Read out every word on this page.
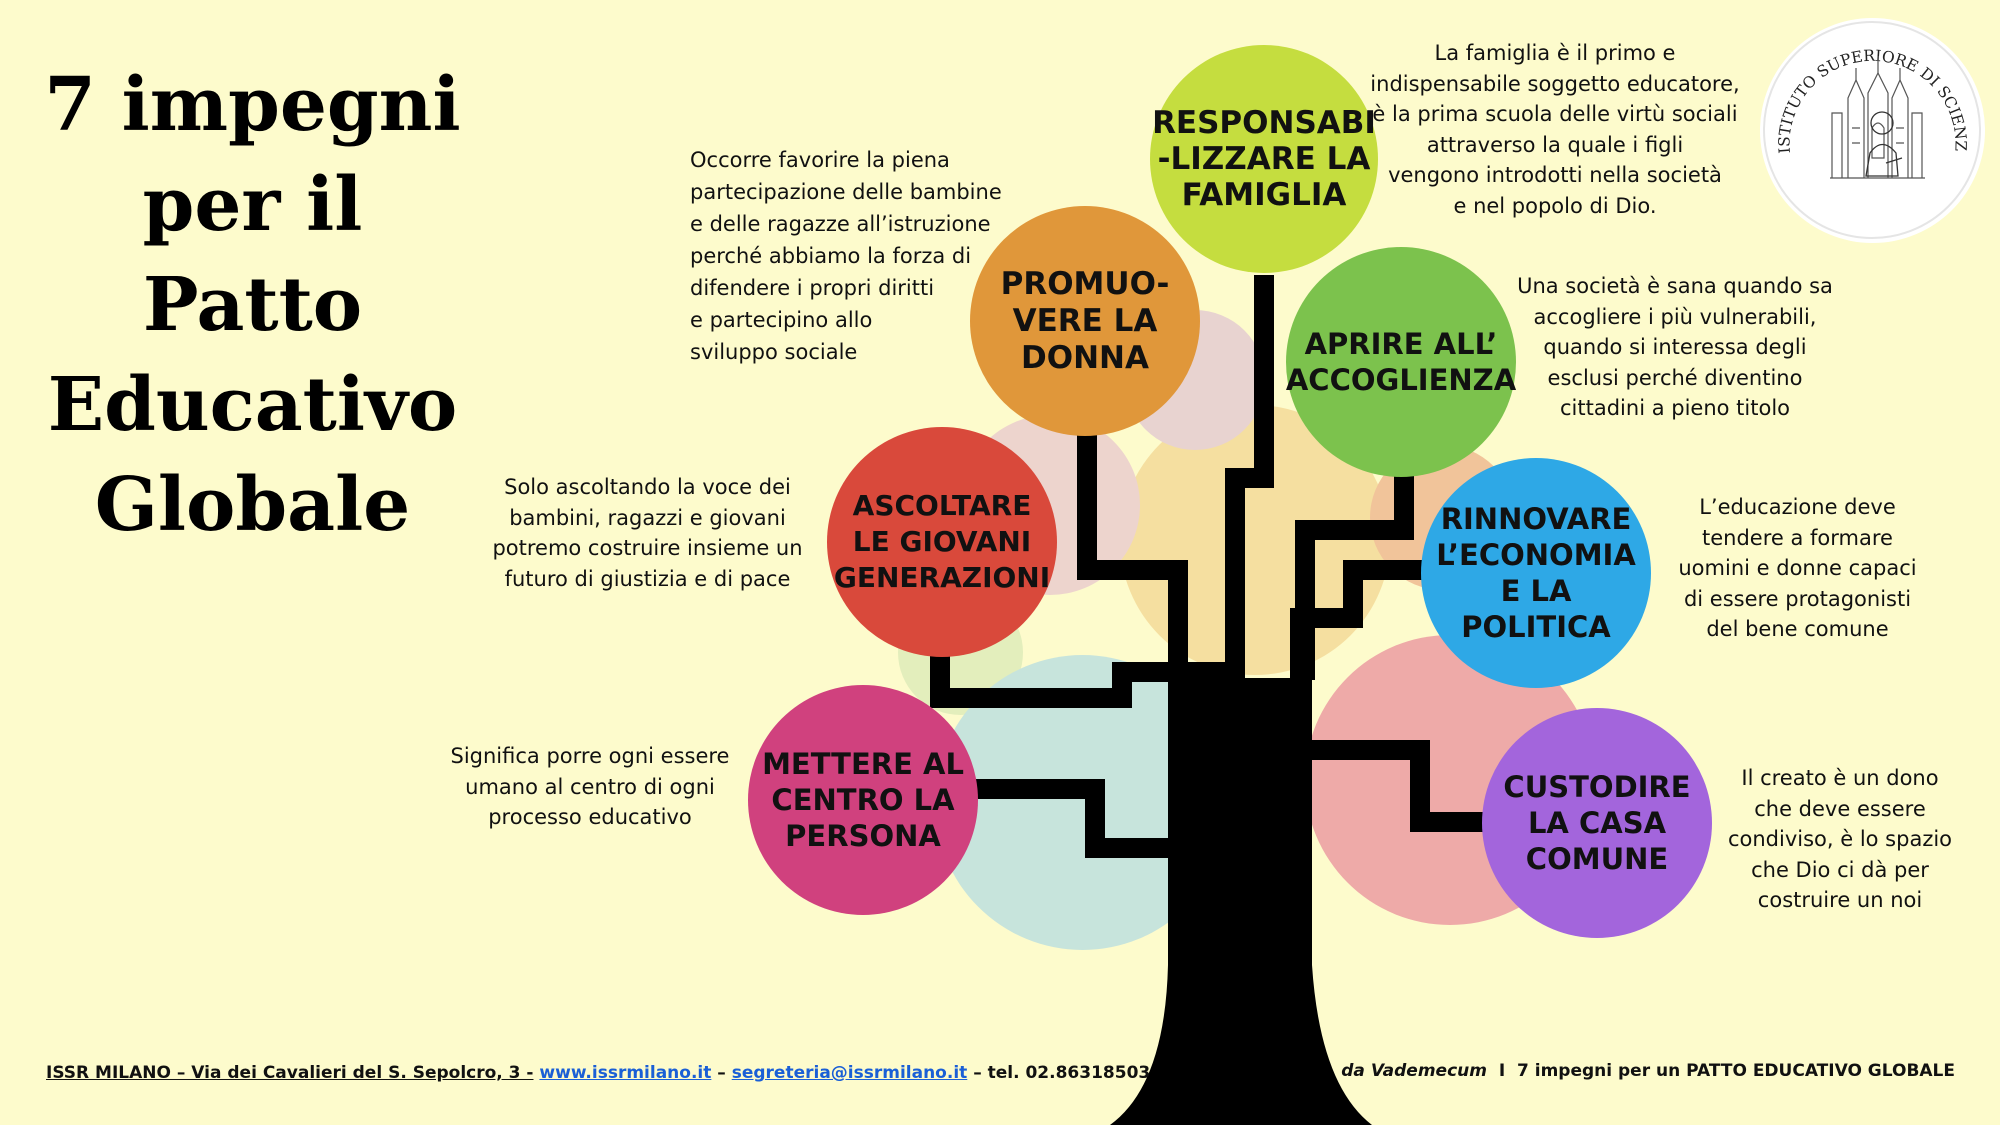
7 impegni
per il Patto
Educativo
Globale
RESPONSABI
-LIZZARE LA
FAMIGLIA
PROMUO-
VERE LA
DONNA	APRIRE ALL’
ACCOGLIENZA
ASCOLTARE
LE GIOVANI
GENERAZIONI
RINNOVARE
L’ECONOMIA
E LA
POLITICA
METTERE AL
CENTRO LA
PERSONA
CUSTODIRE
LA CASA
COMUNE
La famiglia è il primo e
indispensabile soggetto educatore,
è la prima scuola delle virtù sociali
attraverso la quale i figli
vengono introdotti nella società
e nel popolo di Dio.
Occorre favorire la piena
partecipazione delle bambine
e delle ragazze all’istruzione
perché abbiamo la forza di
difendere i propri diritti
e partecipino allo
sviluppo sociale
Una società è sana quando sa
accogliere i più vulnerabili,
quando si interessa degli
esclusi perché diventino
cittadini a pieno titolo
Solo ascoltando la voce dei
bambini, ragazzi e giovani
potremo costruire insieme un
futuro di giustizia e di pace
L’educazione deve
tendere a formare
uomini e donne capaci
di essere protagonisti
del bene comune
Significa porre ogni essere
umano al centro di ogni
processo educativo
Il creato è un dono
che deve essere
condiviso, è lo spazio
che Dio ci dà per
costruire un noi
ISTITUTO SUPERIORE DI SCIENZ
ISSR MILANO – Via dei Cavalieri del S. Sepolcro, 3 - www.issrmilano.it – segreteria@issrmilano.it – tel. 02.86318503	da Vademecum I 7 impegni per un PATTO EDUCATIVO GLOBALE
